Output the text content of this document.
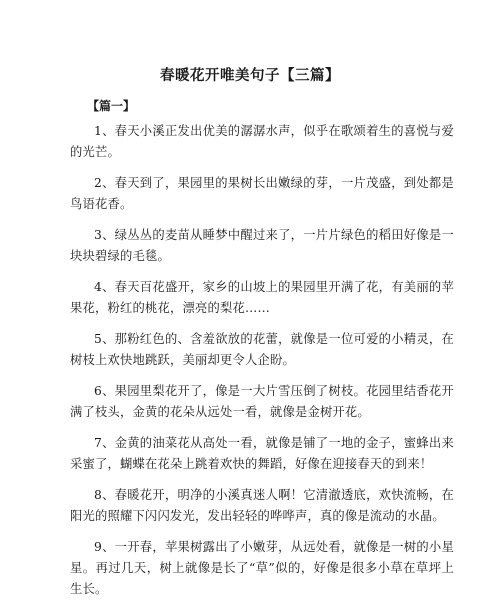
春暖花开唯美句子【三篇】
【篇一】

1、春天小溪正发出优美的潺潺水声，似乎在歌颂着生的喜悦与爱的光芒。

2、春天到了，果园里的果树长出嫩绿的芽，一片茂盛，到处都是鸟语花香。

3、绿丛丛的麦苗从睡梦中醒过来了，一片片绿色的稻田好像是一块块碧绿的毛毯。

4、春天百花盛开，家乡的山坡上的果园里开满了花，有美丽的苹果花，粉红的桃花，漂亮的梨花……

5、那粉红色的、含羞欲放的花蕾，就像是一位可爱的小精灵，在树枝上欢快地跳跃，美丽却更令人企盼。

6、果园里梨花开了，像是一大片雪压倒了树枝。花园里结香花开满了枝头，金黄的花朵从远处一看，就像是金树开花。

7、金黄的油菜花从高处一看，就像是铺了一地的金子，蜜蜂出来采蜜了，蝴蝶在花朵上跳着欢快的舞蹈，好像在迎接春天的到来！

8、春暖花开，明净的小溪真迷人啊！它清澈透底，欢快流畅，在阳光的照耀下闪闪发光，发出轻轻的哗哗声，真的像是流动的水晶。

9、一开春，苹果树露出了小嫩芽，从远处看，就像是一树的小星星。再过几天，树上就像是长了“草”似的，好像是很多小草在草坪上生长。
